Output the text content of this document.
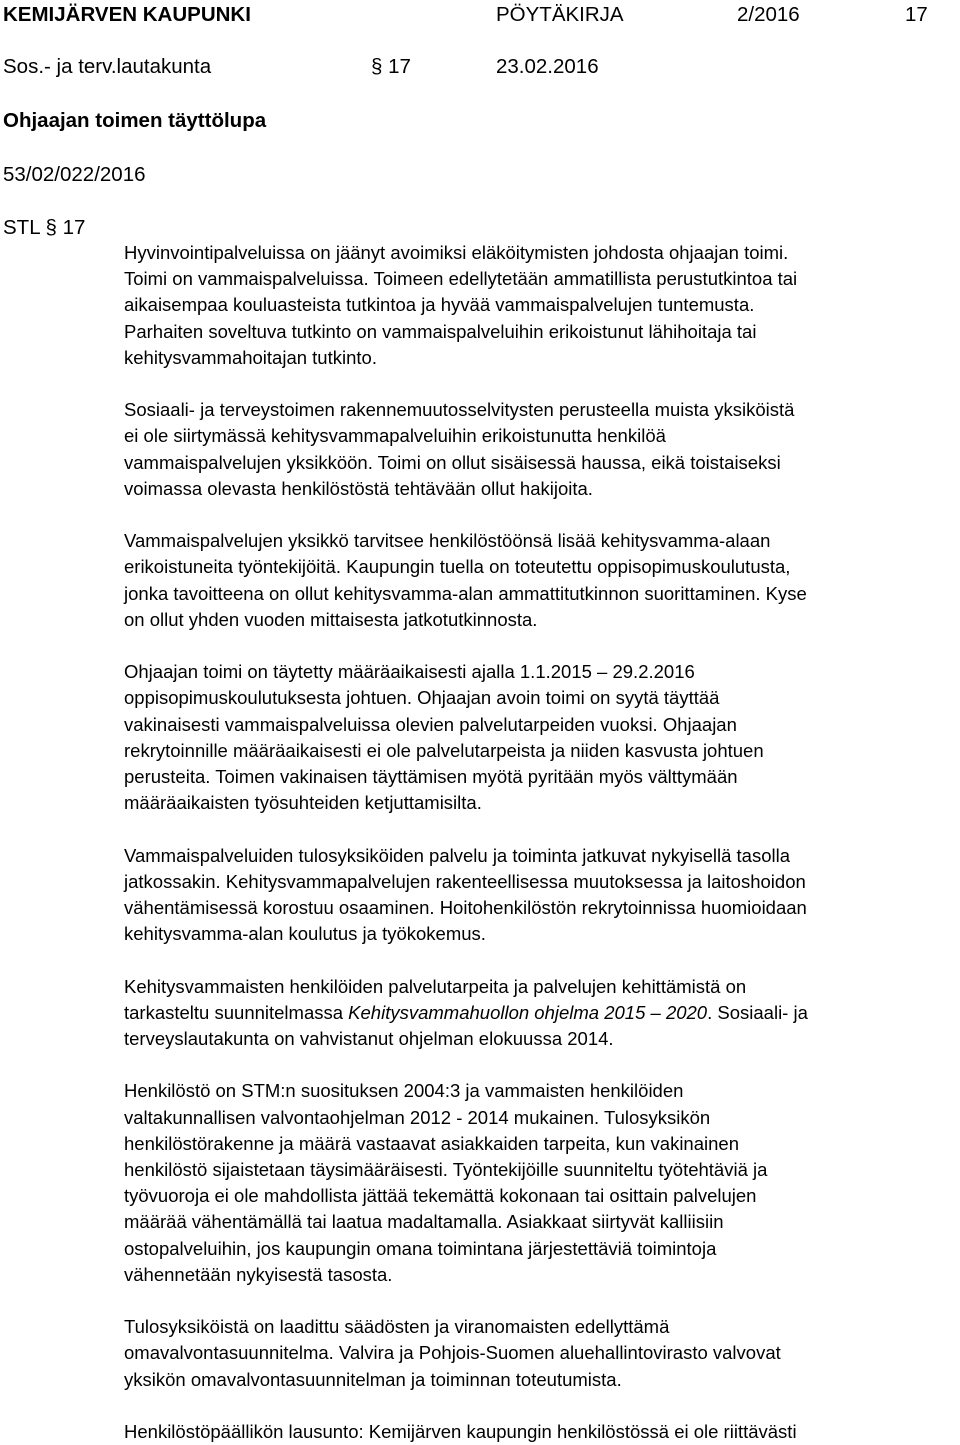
KEMIJÄRVEN KAUPUNKI	PÖYTÄKIRJA	2/2016	17
Sos.- ja terv.lautakunta	§ 17	23.02.2016
Ohjaajan toimen täyttölupa
53/02/022/2016
STL § 17

Hyvinvointipalveluissa on jäänyt avoimiksi eläköitymisten johdosta ohjaajan toimi.
Toimi on vammaispalveluissa. Toimeen edellytetään ammatillista perustutkintoa tai
aikaisempaa kouluasteista tutkintoa ja hyvää vammaispalvelujen tuntemusta.
Parhaiten soveltuva tutkinto on vammaispalveluihin erikoistunut lähihoitaja tai
kehitysvammahoitajan tutkinto.

Sosiaali- ja terveystoimen rakennemuutosselvitysten perusteella muista yksiköistä
ei ole siirtymässä kehitysvammapalveluihin erikoistunutta henkilöä
vammaispalvelujen yksikköön. Toimi on ollut sisäisessä haussa, eikä toistaiseksi
voimassa olevasta henkilöstöstä tehtävään ollut hakijoita.

Vammaispalvelujen yksikkö tarvitsee henkilöstöönsä lisää kehitysvamma-alaan
erikoistuneita työntekijöitä. Kaupungin tuella on toteutettu oppisopimuskoulutusta,
jonka tavoitteena on ollut kehitysvamma-alan ammattitutkinnon suorittaminen. Kyse
on ollut yhden vuoden mittaisesta jatkotutkinnosta.

Ohjaajan toimi on täytetty määräaikaisesti ajalla 1.1.2015 – 29.2.2016
oppisopimuskoulutuksesta johtuen. Ohjaajan avoin toimi on syytä täyttää
vakinaisesti vammaispalveluissa olevien palvelutarpeiden vuoksi. Ohjaajan
rekrytoinnille määräaikaisesti ei ole palvelutarpeista ja niiden kasvusta johtuen
perusteita. Toimen vakinaisen täyttämisen myötä pyritään myös välttymään
määräaikaisten työsuhteiden ketjuttamisilta.

Vammaispalveluiden tulosyksiköiden palvelu ja toiminta jatkuvat nykyisellä tasolla
jatkossakin. Kehitysvammapalvelujen rakenteellisessa muutoksessa ja laitoshoidon
vähentämisessä korostuu osaaminen. Hoitohenkilöstön rekrytoinnissa huomioidaan
kehitysvamma-alan koulutus ja työkokemus.

Kehitysvammaisten henkilöiden palvelutarpeita ja palvelujen kehittämistä on
tarkasteltu suunnitelmassa Kehitysvammahuollon ohjelma 2015 – 2020. Sosiaali- ja
terveyslautakunta on vahvistanut ohjelman elokuussa 2014.

Henkilöstö on STM:n suosituksen 2004:3 ja vammaisten henkilöiden
valtakunnallisen valvontaohjelman 2012 - 2014 mukainen. Tulosyksikön
henkilöstörakenne ja määrä vastaavat asiakkaiden tarpeita, kun vakinainen
henkilöstö sijaistetaan täysimääräisesti. Työntekijöille suunniteltu työtehtäviä ja
työvuoroja ei ole mahdollista jättää tekemättä kokonaan tai osittain palvelujen
määrää vähentämällä tai laatua madaltamalla. Asiakkaat siirtyvät kalliisiin
ostopalveluihin, jos kaupungin omana toimintana järjestettäviä toimintoja
vähennetään nykyisestä tasosta.

Tulosyksiköistä on laadittu säädösten ja viranomaisten edellyttämä
omavalvontasuunnitelma. Valvira ja Pohjois-Suomen aluehallintovirasto valvovat
yksikön omavalvontasuunnitelman ja toiminnan toteutumista.

Henkilöstöpäällikön lausunto: Kemijärven kaupungin henkilöstössä ei ole riittävästi
